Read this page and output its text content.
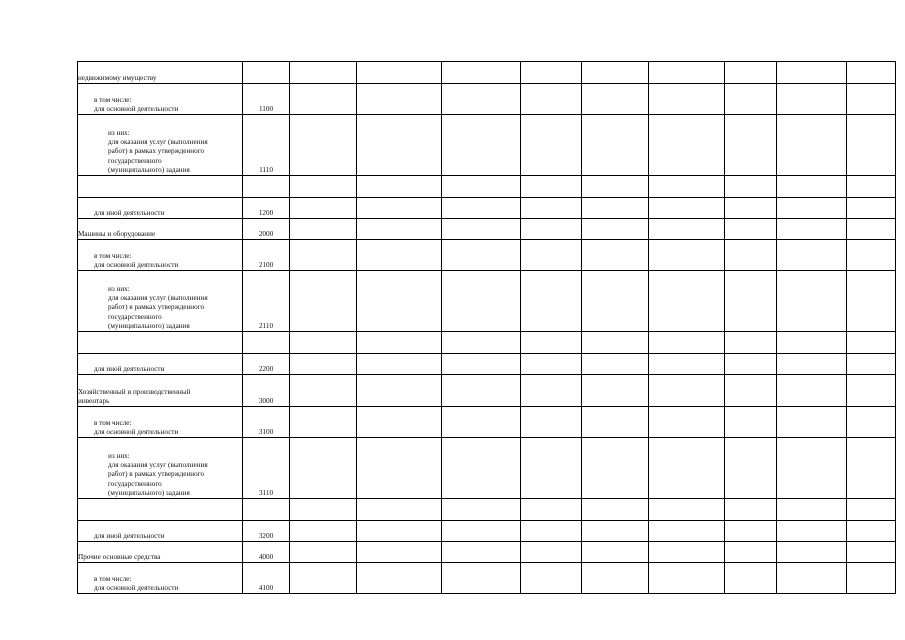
недвижимому имуществу										

в том числе:
для основной деятельности	1100									

из них:
для оказания услуг (выполнения
работ) в рамках утвержденного
государственного
(муниципального) задания	1110									

для иной деятельности	1200									

Машины и оборудование	2000									

в том числе:
для основной деятельности	2100									

из них:
для оказания услуг (выполнения
работ) в рамках утвержденного
государственного
(муниципального) задания	2110									

для иной деятельности	2200									

Хозяйственный и производственный
инвентарь	3000									

в том числе:
для основной деятельности	3100									

из них:
для оказания услуг (выполнения
работ) в рамках утвержденного
государственного
(муниципального) задания	3110									

для иной деятельности	3200									

Прочие основные средства	4000									

в том числе:
для основной деятельности	4100									
